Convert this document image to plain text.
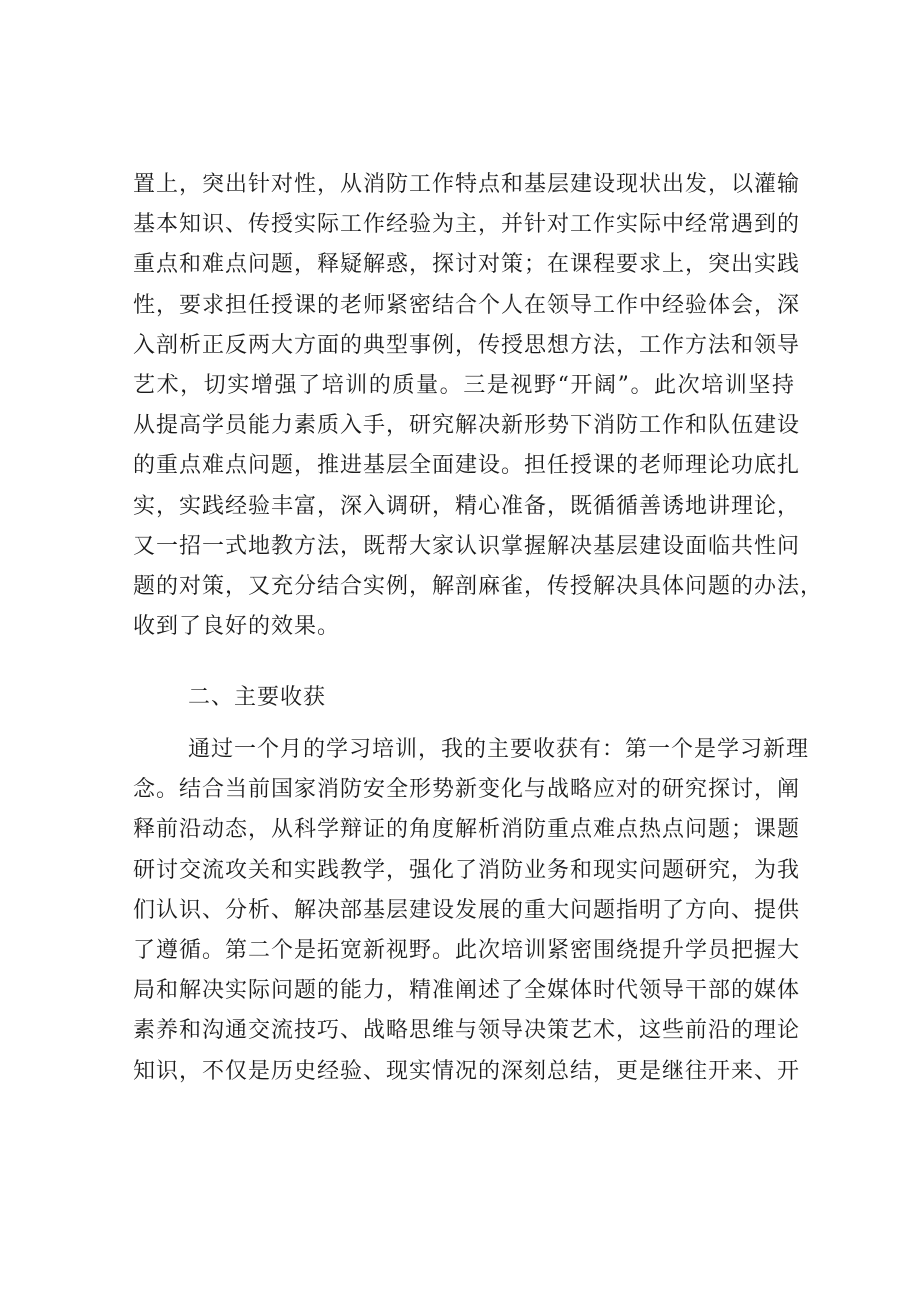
置上，突出针对性，从消防工作特点和基层建设现状出发，以灌输
基本知识、传授实际工作经验为主，并针对工作实际中经常遇到的
重点和难点问题，释疑解惑，探讨对策；在课程要求上，突出实践
性，要求担任授课的老师紧密结合个人在领导工作中经验体会，深
入剖析正反两大方面的典型事例，传授思想方法，工作方法和领导
艺术，切实增强了培训的质量。三是视野“开阔”。此次培训坚持
从提高学员能力素质入手，研究解决新形势下消防工作和队伍建设
的重点难点问题，推进基层全面建设。担任授课的老师理论功底扎
实，实践经验丰富，深入调研，精心准备，既循循善诱地讲理论，
又一招一式地教方法，既帮大家认识掌握解决基层建设面临共性问
题的对策，又充分结合实例，解剖麻雀，传授解决具体问题的办法，
收到了良好的效果。
二、主要收获
通过一个月的学习培训，我的主要收获有：第一个是学习新理
念。结合当前国家消防安全形势新变化与战略应对的研究探讨，阐
释前沿动态，从科学辩证的角度解析消防重点难点热点问题；课题
研讨交流攻关和实践教学，强化了消防业务和现实问题研究，为我
们认识、分析、解决部基层建设发展的重大问题指明了方向、提供
了遵循。第二个是拓宽新视野。此次培训紧密围绕提升学员把握大
局和解决实际问题的能力，精准阐述了全媒体时代领导干部的媒体
素养和沟通交流技巧、战略思维与领导决策艺术，这些前沿的理论
知识，不仅是历史经验、现实情况的深刻总结，更是继往开来、开
